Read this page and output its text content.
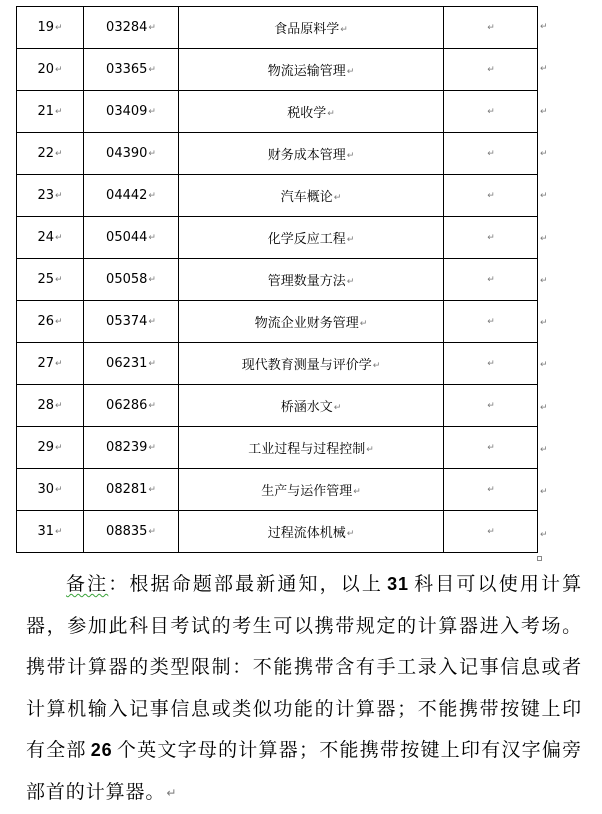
19↵	03284↵	食品原料学↵	↵
20↵	03365↵	物流运输管理↵	↵
21↵	03409↵	税收学↵	↵
22↵	04390↵	财务成本管理↵	↵
23↵	04442↵	汽车概论↵	↵
24↵	05044↵	化学反应工程↵	↵
25↵	05058↵	管理数量方法↵	↵
26↵	05374↵	物流企业财务管理↵	↵
27↵	06231↵	现代教育测量与评价学↵	↵
28↵	06286↵	桥涵水文↵	↵
29↵	08239↵	工业过程与过程控制↵	↵
30↵	08281↵	生产与运作管理↵	↵
31↵	08835↵	过程流体机械↵	↵
↵
↵
↵
↵
↵
↵
↵
↵
↵
↵
↵
↵
↵

备注：根据命题部最新通知，以上 31 科目可以使用计算器，参加此科目考试的考生可以携带规定的计算器进入考场。携带计算器的类型限制：不能携带含有手工录入记事信息或者计算机输入记事信息或类似功能的计算器；不能携带按键上印有全部 26 个英文字母的计算器；不能携带按键上印有汉字偏旁部首的计算器。↵
